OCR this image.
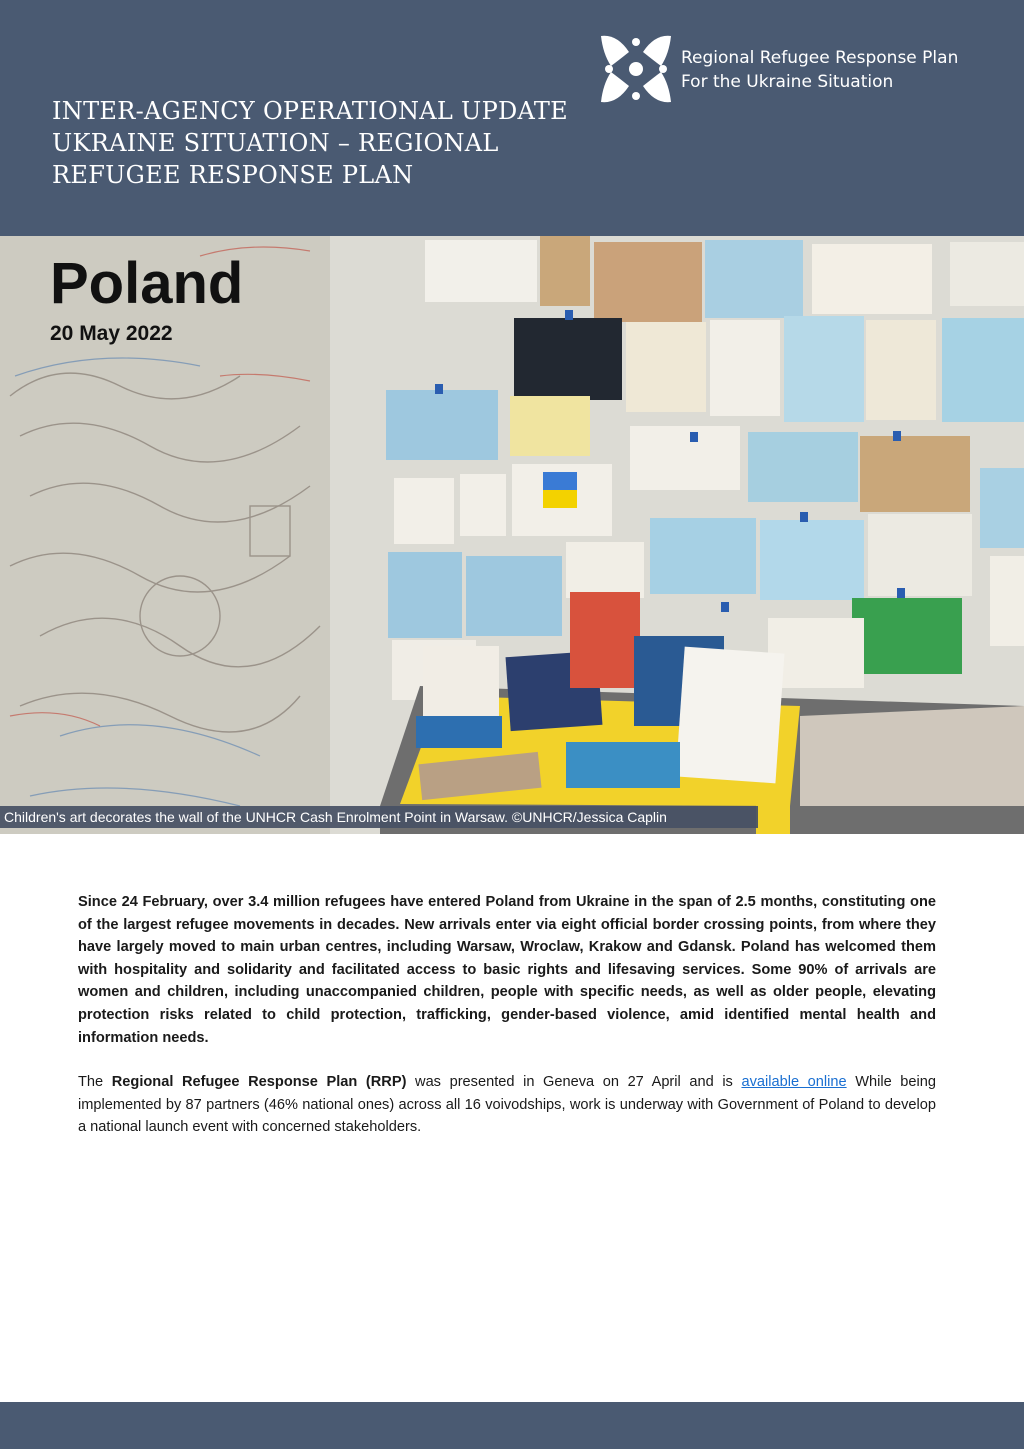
INTER-AGENCY OPERATIONAL UPDATE
UKRAINE SITUATION – REGIONAL
REFUGEE RESPONSE PLAN
Regional Refugee Response Plan
For the Ukraine Situation
Poland
20 May 2022
Children's art decorates the wall of the UNHCR Cash Enrolment Point in Warsaw. ©UNHCR/Jessica Caplin

Since 24 February, over 3.4 million refugees have entered Poland from Ukraine in the span of 2.5 months, constituting one of the largest refugee movements in decades. New arrivals enter via eight official border crossing points, from where they have largely moved to main urban centres, including Warsaw, Wroclaw, Krakow and Gdansk. Poland has welcomed them with hospitality and solidarity and facilitated access to basic rights and lifesaving services. Some 90% of arrivals are women and children, including unaccompanied children, people with specific needs, as well as older people, elevating protection risks related to child protection, trafficking, gender-based violence, amid identified mental health and information needs.

The Regional Refugee Response Plan (RRP) was presented in Geneva on 27 April and is available online While being implemented by 87 partners (46% national ones) across all 16 voivodships, work is underway with Government of Poland to develop a national launch event with concerned stakeholders.
